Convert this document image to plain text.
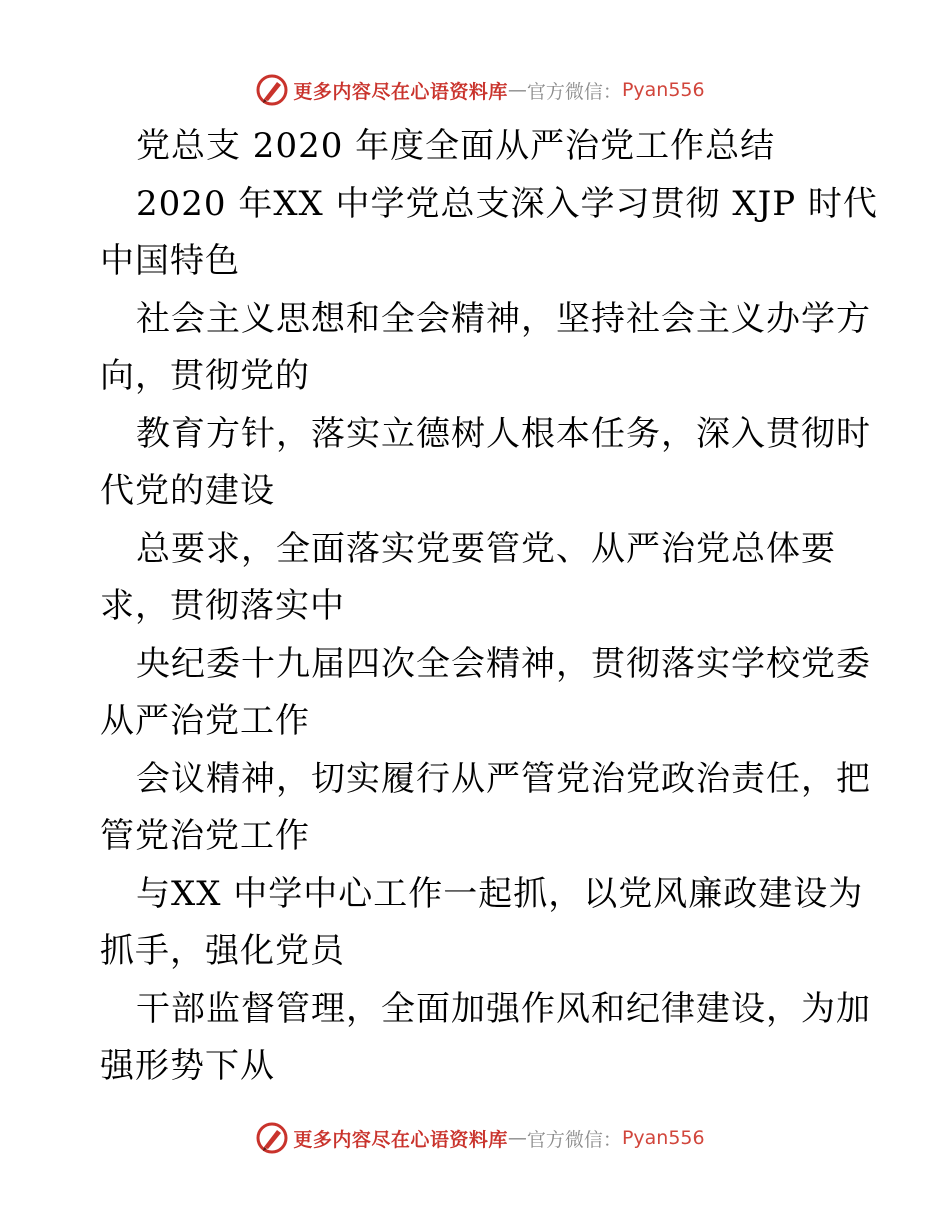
更多内容尽在心语资料库 — 官方微信： Pyan556
党总支 2020 年度全面从严治党工作总结
2020 年XX 中学党总支深入学习贯彻 XJP 时代
中国特色
社会主义思想和全会精神，坚持社会主义办学方
向，贯彻党的
教育方针，落实立德树人根本任务，深入贯彻时
代党的建设
总要求，全面落实党要管党、从严治党总体要
求，贯彻落实中
央纪委十九届四次全会精神，贯彻落实学校党委
从严治党工作
会议精神，切实履行从严管党治党政治责任，把
管党治党工作
与XX 中学中心工作一起抓，以党风廉政建设为
抓手，强化党员
干部监督管理，全面加强作风和纪律建设，为加
强形势下从
更多内容尽在心语资料库 — 官方微信： Pyan556
